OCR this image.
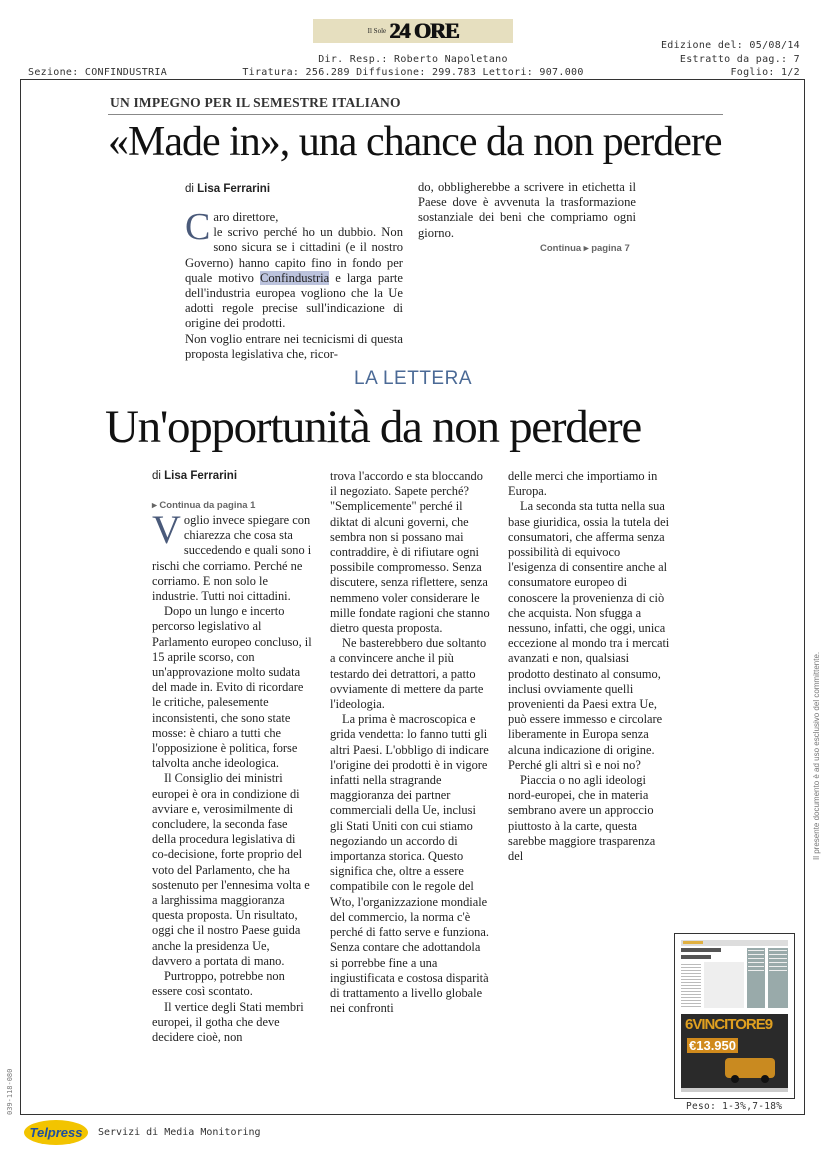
Il Sole 24 ORE
Dir. Resp.: Roberto Napoletano
Tiratura: 256.289 Diffusione: 299.783 Lettori: 907.000
Sezione: CONFINDUSTRIA
Edizione del: 05/08/14
Estratto da pag.: 7
Foglio: 1/2
UN IMPEGNO PER IL SEMESTRE ITALIANO
«Made in», una chance da non perdere
di Lisa Ferrarini
C aro direttore,
le scrivo perché ho un dubbio. Non sono sicura se i cittadini (e il nostro Governo) hanno capito fino in fondo per quale motivo Confindustria e larga parte dell'industria europea vogliono che la Ue adotti regole precise sull'indicazione di origine dei prodotti.

Non voglio entrare nei tecnicismi di questa proposta legislativa che, ricor-

do, obbligherebbe a scrivere in etichetta il Paese dove è avvenuta la trasformazione sostanziale dei beni che compriamo ogni giorno.

Continua ▸ pagina 7
LA LETTERA
Un'opportunità da non perdere
di Lisa Ferrarini
▸ Continua da pagina 1

Voglio invece spiegare con chiarezza che cosa sta succedendo e quali sono i rischi che corriamo. Perché ne corriamo. E non solo le industrie. Tutti noi cittadini.

Dopo un lungo e incerto percorso legislativo al Parlamento europeo concluso, il 15 aprile scorso, con un'approvazione molto sudata del made in. Evito di ricordare le critiche, palesemente inconsistenti, che sono state mosse: è chiaro a tutti che l'opposizione è politica, forse talvolta anche ideologica.

Il Consiglio dei ministri europei è ora in condizione di avviare e, verosimilmente di concludere, la seconda fase della procedura legislativa di co-decisione, forte proprio del voto del Parlamento, che ha sostenuto per l'ennesima volta e a larghissima maggioranza questa proposta. Un risultato, oggi che il nostro Paese guida anche la presidenza Ue, davvero a portata di mano.

Purtroppo, potrebbe non essere così scontato.

Il vertice degli Stati membri europei, il gotha che deve decidere cioè, non

trova l'accordo e sta bloccando il negoziato. Sapete perché? "Semplicemente" perché il diktat di alcuni governi, che sembra non si possano mai contraddire, è di rifiutare ogni possibile compromesso. Senza discutere, senza riflettere, senza nemmeno voler considerare le mille fondate ragioni che stanno dietro questa proposta.

Ne basterebbero due soltanto a convincere anche il più testardo dei detrattori, a patto ovviamente di mettere da parte l'ideologia.

La prima è macroscopica e grida vendetta: lo fanno tutti gli altri Paesi. L'obbligo di indicare l'origine dei prodotti è in vigore infatti nella stragrande maggioranza dei partner commerciali della Ue, inclusi gli Stati Uniti con cui stiamo negoziando un accordo di importanza storica. Questo significa che, oltre a essere compatibile con le regole del Wto, l'organizzazione mondiale del commercio, la norma c'è perché di fatto serve e funziona. Senza contare che adottandola si porrebbe fine a una ingiustificata e costosa disparità di trattamento a livello globale nei confronti

delle merci che importiamo in Europa.

La seconda sta tutta nella sua base giuridica, ossia la tutela dei consumatori, che afferma senza possibilità di equivoco l'esigenza di consentire anche al consumatore europeo di conoscere la provenienza di ciò che acquista. Non sfugga a nessuno, infatti, che oggi, unica eccezione al mondo tra i mercati avanzati e non, qualsiasi prodotto destinato al consumo, inclusi ovviamente quelli provenienti da Paesi extra Ue, può essere immesso e circolare liberamente in Europa senza alcuna indicazione di origine. Perché gli altri sì e noi no?

Piaccia o no agli ideologi nord-europei, che in materia sembrano avere un approccio piuttosto à la carte, questa sarebbe maggiore trasparenza del

6VINCITORE9
€13.950
Peso: 1-3%,7-18%
Il presente documento è ad uso esclusivo del committente.
039-118-080
Telpress Servizi di Media Monitoring
